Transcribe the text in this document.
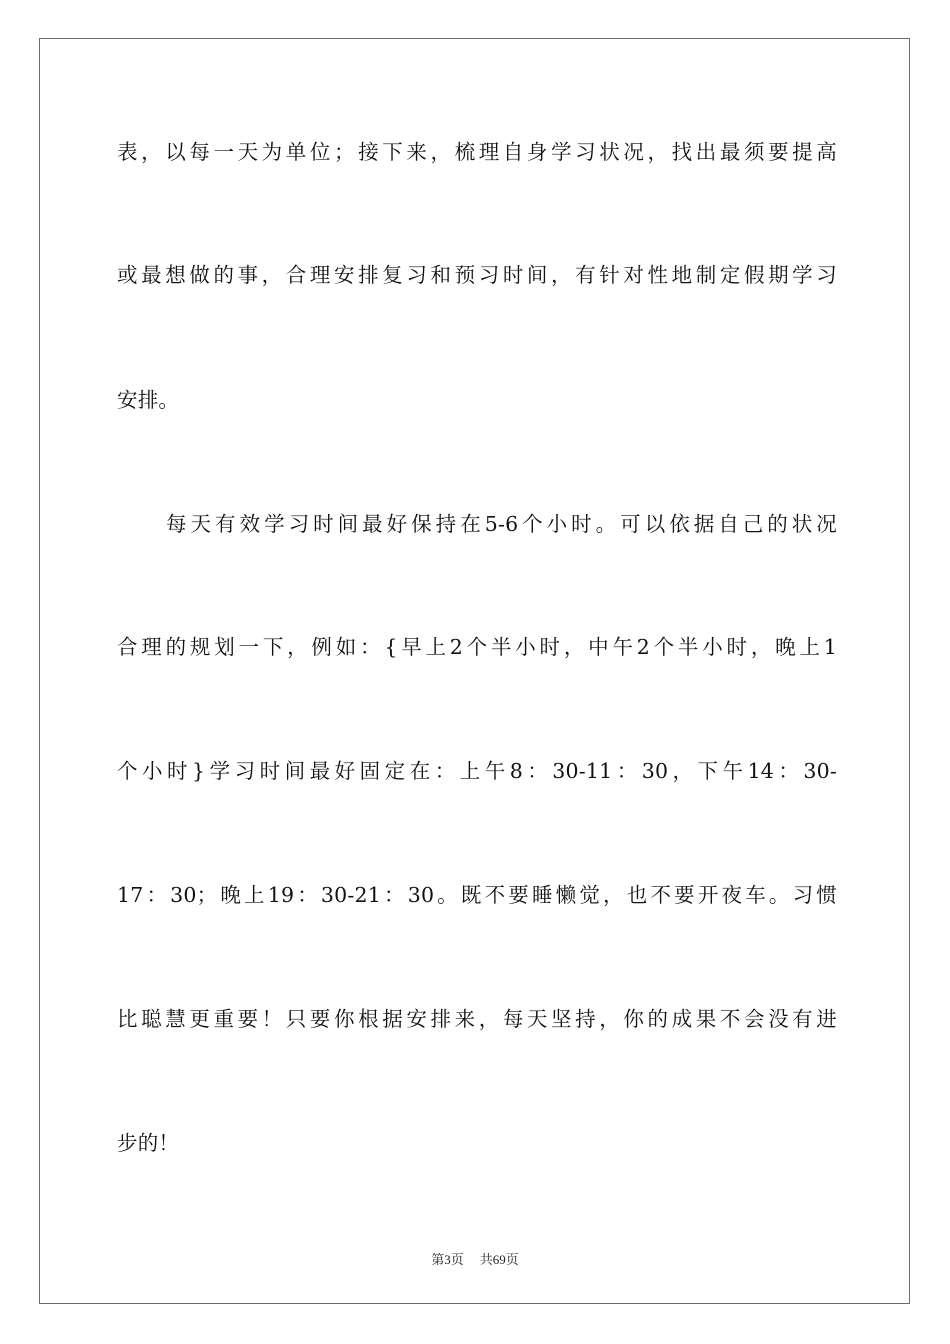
表，以每一天为单位；接下来，梳理自身学习状况，找出最须要提高
或最想做的事，合理安排复习和预习时间，有针对性地制定假期学习
安排。
　　每天有效学习时间最好保持在5-6个小时。可以依据自己的状况
合理的规划一下，例如：{早上2个半小时，中午2个半小时，晚上1
个小时}学习时间最好固定在：上午8：30-11：30，下午14：30-
17：30；晚上19：30-21：30。既不要睡懒觉，也不要开夜车。习惯
比聪慧更重要！只要你根据安排来，每天坚持，你的成果不会没有进
步的！
第3页 共69页
